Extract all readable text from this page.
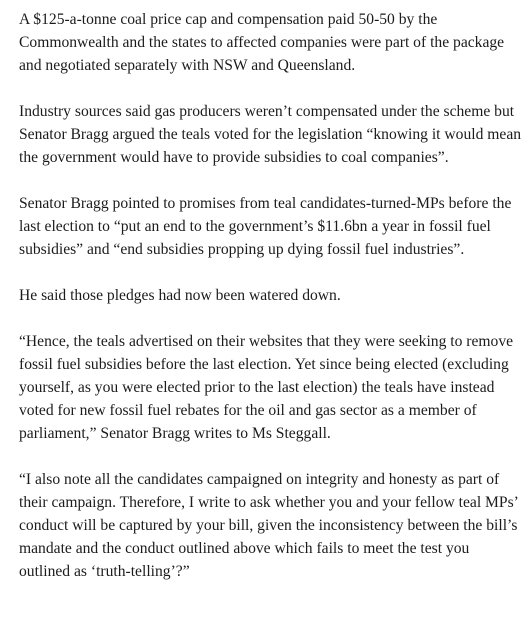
A $125-a-tonne coal price cap and compensation paid 50-50 by the Commonwealth and the states to affected companies were part of the package and negotiated separately with NSW and Queensland.

Industry sources said gas producers weren’t compensated under the scheme but Senator Bragg argued the teals voted for the legislation “knowing it would mean the government would have to provide subsidies to coal companies”.

Senator Bragg pointed to promises from teal candidates-turned-MPs before the last election to “put an end to the government’s $11.6bn a year in fossil fuel subsidies” and “end subsidies propping up dying fossil fuel industries”.

He said those pledges had now been watered down.

“Hence, the teals advertised on their websites that they were seeking to remove fossil fuel subsidies before the last election. Yet since being elected (excluding yourself, as you were elected prior to the last election) the teals have instead voted for new fossil fuel rebates for the oil and gas sector as a member of parliament,” Senator Bragg writes to Ms Steggall.

“I also note all the candidates campaigned on integrity and honesty as part of their campaign. Therefore, I write to ask whether you and your fellow teal MPs’ conduct will be captured by your bill, given the inconsistency between the bill’s mandate and the conduct outlined above which fails to meet the test you outlined as ‘truth-telling’?”
